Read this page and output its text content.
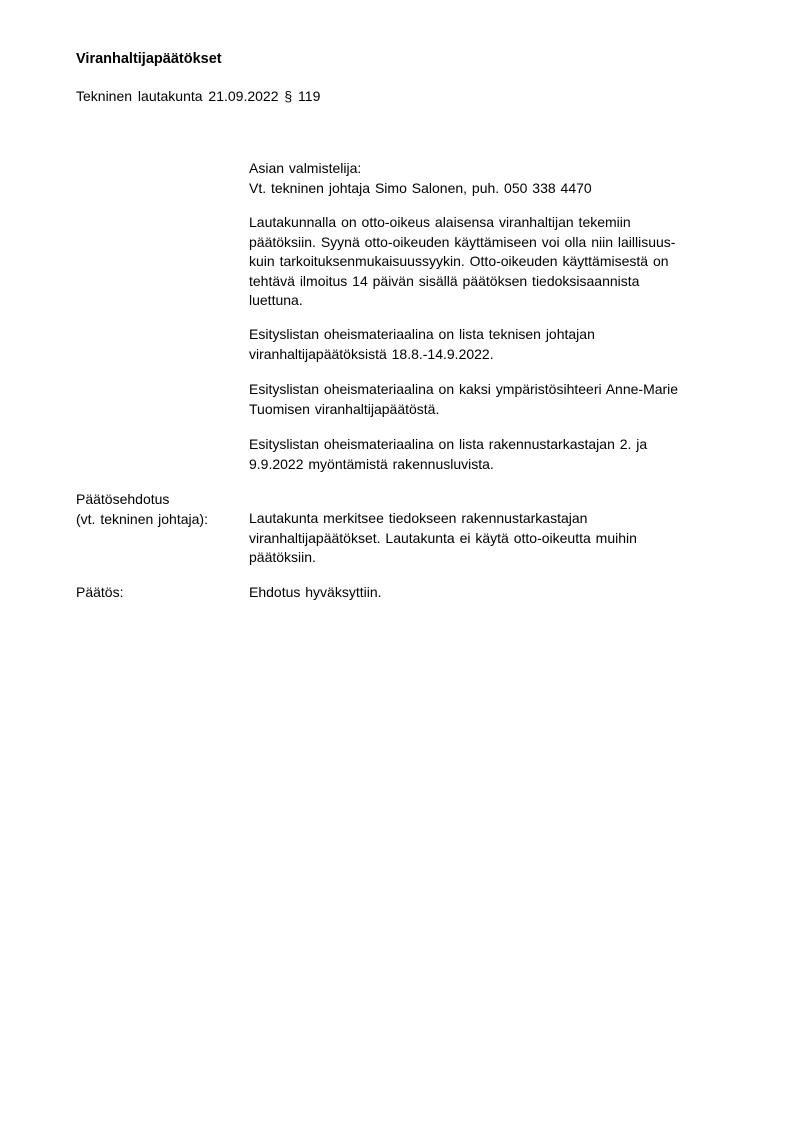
Viranhaltijapäätökset

Tekninen lautakunta 21.09.2022 § 119

Asian valmistelija:
Vt. tekninen johtaja Simo Salonen, puh. 050 338 4470
Lautakunnalla on otto-oikeus alaisensa viranhaltijan tekemiin
päätöksiin. Syynä otto-oikeuden käyttämiseen voi olla niin laillisuus-
kuin tarkoituksenmukaisuussyykin. Otto-oikeuden käyttämisestä on
tehtävä ilmoitus 14 päivän sisällä päätöksen tiedoksisaannista
luettuna.
Esityslistan oheismateriaalina on lista teknisen johtajan
viranhaltijapäätöksistä 18.8.-14.9.2022.
Esityslistan oheismateriaalina on kaksi ympäristösihteeri Anne-Marie
Tuomisen viranhaltijapäätöstä.
Esityslistan oheismateriaalina on lista rakennustarkastajan 2. ja
9.9.2022 myöntämistä rakennusluvista.
Päätösehdotus
(vt. tekninen johtaja):	Lautakunta merkitsee tiedokseen rakennustarkastajan
viranhaltijapäätökset. Lautakunta ei käytä otto-oikeutta muihin
päätöksiin.
Päätös:	Ehdotus hyväksyttiin.
